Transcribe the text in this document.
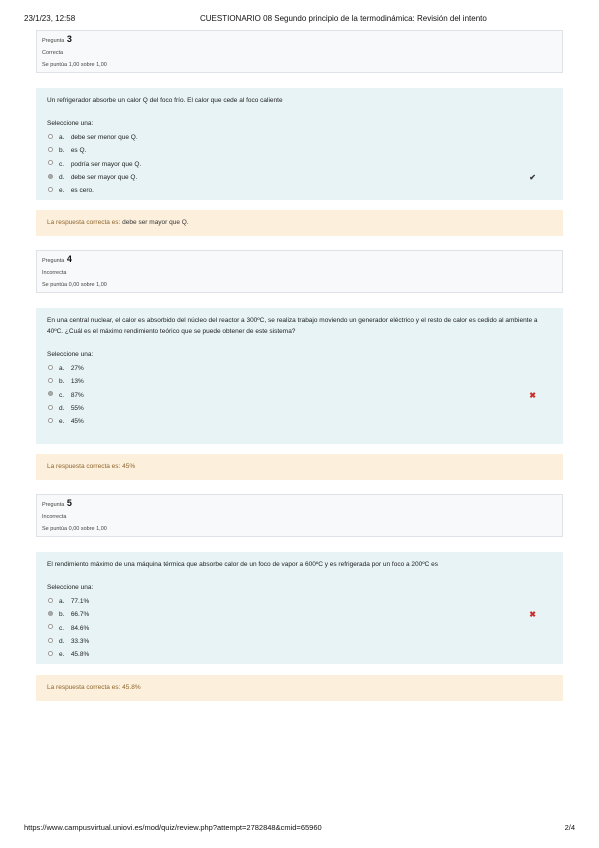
23/1/23, 12:58	CUESTIONARIO 08 Segundo principio de la termodinámica: Revisión del intento
Pregunta 3
Correcta
Se puntúa 1,00 sobre 1,00
Un refrigerador absorbe un calor Q del foco frío. El calor que cede al foco caliente
Seleccione una:
a. debe ser menor que Q.
b. es Q.
c. podría ser mayor que Q.
d. debe ser mayor que Q.	✔
e. es cero.
La respuesta correcta es: debe ser mayor que Q.
Pregunta 4
Incorrecta
Se puntúa 0,00 sobre 1,00
En una central nuclear, el calor es absorbido del núcleo del reactor a 300ºC, se realiza trabajo moviendo un generador eléctrico y el resto de calor es cedido al ambiente a 40ºC. ¿Cuál es el máximo rendimiento teórico que se puede obtener de este sistema?
Seleccione una:
a. 27%
b. 13%
c. 87%	✖
d. 55%
e. 45%
La respuesta correcta es: 45%
Pregunta 5
Incorrecta
Se puntúa 0,00 sobre 1,00
El rendimiento máximo de una máquina térmica que absorbe calor de un foco de vapor a 600ºC y es refrigerada por un foco a 200ºC es
Seleccione una:
a. 77.1%
b. 66.7%	✖
c. 84.6%
d. 33.3%
e. 45.8%
La respuesta correcta es: 45.8%
https://www.campusvirtual.uniovi.es/mod/quiz/review.php?attempt=2782848&cmid=65960	2/4
